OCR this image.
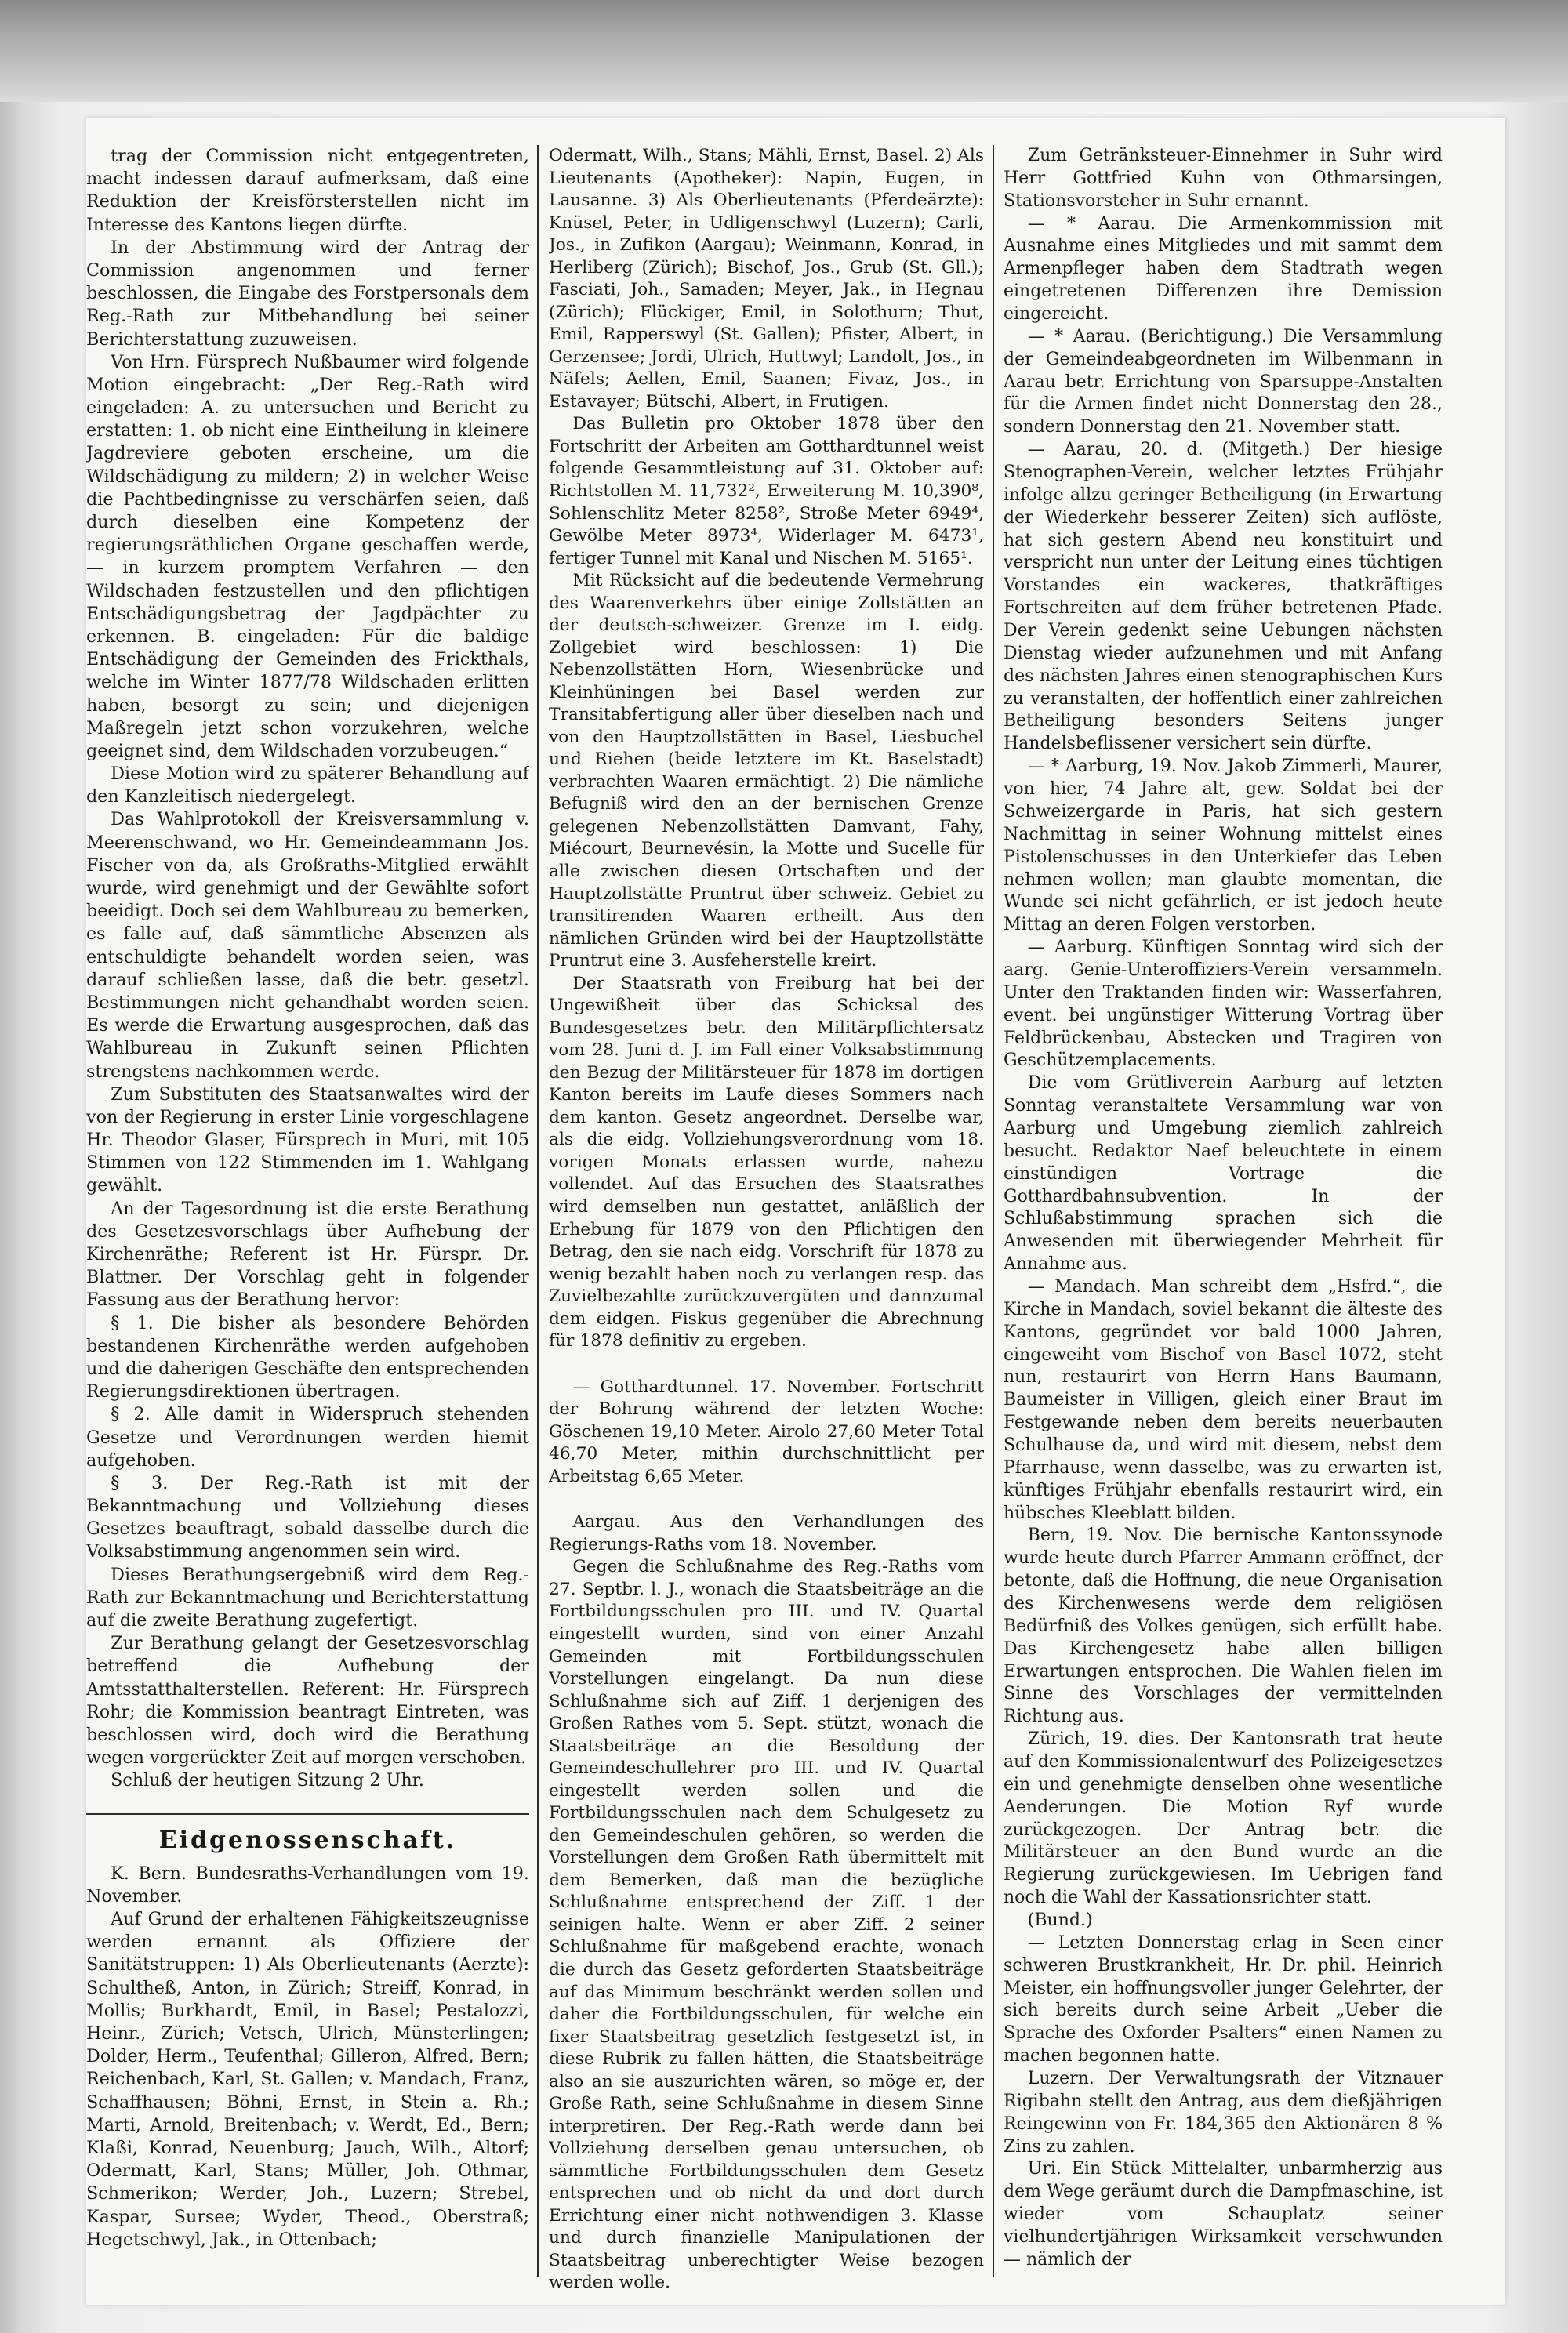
trag der Commission nicht entgegentreten, macht indessen darauf aufmerksam, daß eine Reduktion der Kreisförsterstellen nicht im Interesse des Kantons liegen dürfte.

In der Abstimmung wird der Antrag der Commission angenommen und ferner beschlossen, die Eingabe des Forstpersonals dem Reg.-Rath zur Mitbehandlung bei seiner Berichterstattung zuzuweisen.

Von Hrn. Fürsprech Nußbaumer wird folgende Motion eingebracht: „Der Reg.-Rath wird eingeladen: A. zu untersuchen und Bericht zu erstatten: 1. ob nicht eine Eintheilung in kleinere Jagdreviere geboten erscheine, um die Wildschädigung zu mildern; 2) in welcher Weise die Pachtbedingnisse zu verschärfen seien, daß durch dieselben eine Kompetenz der regierungsräthlichen Organe geschaffen werde, — in kurzem promptem Verfahren — den Wildschaden festzustellen und den pflichtigen Entschädigungsbetrag der Jagdpächter zu erkennen. B. eingeladen: Für die baldige Entschädigung der Gemeinden des Frickthals, welche im Winter 1877/78 Wildschaden erlitten haben, besorgt zu sein; und diejenigen Maßregeln jetzt schon vorzukehren, welche geeignet sind, dem Wildschaden vorzubeugen.“

Diese Motion wird zu späterer Behandlung auf den Kanzleitisch niedergelegt.

Das Wahlprotokoll der Kreisversammlung v. Meerenschwand, wo Hr. Gemeindeammann Jos. Fischer von da, als Großraths-Mitglied erwählt wurde, wird genehmigt und der Gewählte sofort beeidigt. Doch sei dem Wahlbureau zu bemerken, es falle auf, daß sämmtliche Absenzen als entschuldigte behandelt worden seien, was darauf schließen lasse, daß die betr. gesetzl. Bestimmungen nicht gehandhabt worden seien. Es werde die Erwartung ausgesprochen, daß das Wahlbureau in Zukunft seinen Pflichten strengstens nachkommen werde.

Zum Substituten des Staatsanwaltes wird der von der Regierung in erster Linie vorgeschlagene Hr. Theodor Glaser, Fürsprech in Muri, mit 105 Stimmen von 122 Stimmenden im 1. Wahlgang gewählt.

An der Tagesordnung ist die erste Berathung des Gesetzesvorschlags über Aufhebung der Kirchenräthe; Referent ist Hr. Fürspr. Dr. Blattner. Der Vorschlag geht in folgender Fassung aus der Berathung hervor:

§ 1. Die bisher als besondere Behörden bestandenen Kirchenräthe werden aufgehoben und die daherigen Geschäfte den entsprechenden Regierungsdirektionen übertragen.

§ 2. Alle damit in Widerspruch stehenden Gesetze und Verordnungen werden hiemit aufgehoben.

§ 3. Der Reg.-Rath ist mit der Bekanntmachung und Vollziehung dieses Gesetzes beauftragt, sobald dasselbe durch die Volksabstimmung angenommen sein wird.

Dieses Berathungsergebniß wird dem Reg.-Rath zur Bekanntmachung und Berichterstattung auf die zweite Berathung zugefertigt.

Zur Berathung gelangt der Gesetzesvorschlag betreffend die Aufhebung der Amtsstatthalterstellen. Referent: Hr. Fürsprech Rohr; die Kommission beantragt Eintreten, was beschlossen wird, doch wird die Berathung wegen vorgerückter Zeit auf morgen verschoben.

Schluß der heutigen Sitzung 2 Uhr.

Eidgenossenschaft.

K. Bern. Bundesraths-Verhandlungen vom 19. November.

Auf Grund der erhaltenen Fähigkeitszeugnisse werden ernannt als Offiziere der Sanitätstruppen: 1) Als Oberlieutenants (Aerzte): Schultheß, Anton, in Zürich; Streiff, Konrad, in Mollis; Burkhardt, Emil, in Basel; Pestalozzi, Heinr., Zürich; Vetsch, Ulrich, Münsterlingen; Dolder, Herm., Teufenthal; Gilleron, Alfred, Bern; Reichenbach, Karl, St. Gallen; v. Mandach, Franz, Schaffhausen; Böhni, Ernst, in Stein a. Rh.; Marti, Arnold, Breitenbach; v. Werdt, Ed., Bern; Klaßi, Konrad, Neuenburg; Jauch, Wilh., Altorf; Odermatt, Karl, Stans; Müller, Joh. Othmar, Schmerikon; Werder, Joh., Luzern; Strebel, Kaspar, Sursee; Wyder, Theod., Oberstraß; Hegetschwyl, Jak., in Ottenbach;

Odermatt, Wilh., Stans; Mähli, Ernst, Basel. 2) Als Lieutenants (Apotheker): Napin, Eugen, in Lausanne. 3) Als Oberlieutenants (Pferdeärzte): Knüsel, Peter, in Udligenschwyl (Luzern); Carli, Jos., in Zufikon (Aargau); Weinmann, Konrad, in Herliberg (Zürich); Bischof, Jos., Grub (St. Gll.); Fasciati, Joh., Samaden; Meyer, Jak., in Hegnau (Zürich); Flückiger, Emil, in Solothurn; Thut, Emil, Rapperswyl (St. Gallen); Pfister, Albert, in Gerzensee; Jordi, Ulrich, Huttwyl; Landolt, Jos., in Näfels; Aellen, Emil, Saanen; Fivaz, Jos., in Estavayer; Bütschi, Albert, in Frutigen.

Das Bulletin pro Oktober 1878 über den Fortschritt der Arbeiten am Gotthardtunnel weist folgende Gesammtleistung auf 31. Oktober auf: Richtstollen M. 11,732², Erweiterung M. 10,390⁸, Sohlenschlitz Meter 8258², Stroße Meter 6949⁴, Gewölbe Meter 8973⁴, Widerlager M. 6473¹, fertiger Tunnel mit Kanal und Nischen M. 5165¹.

Mit Rücksicht auf die bedeutende Vermehrung des Waarenverkehrs über einige Zollstätten an der deutsch-schweizer. Grenze im I. eidg. Zollgebiet wird beschlossen: 1) Die Nebenzollstätten Horn, Wiesenbrücke und Kleinhüningen bei Basel werden zur Transitabfertigung aller über dieselben nach und von den Hauptzollstätten in Basel, Liesbuchel und Riehen (beide letztere im Kt. Baselstadt) verbrachten Waaren ermächtigt. 2) Die nämliche Befugniß wird den an der bernischen Grenze gelegenen Nebenzollstätten Damvant, Fahy, Miécourt, Beurnevésin, la Motte und Sucelle für alle zwischen diesen Ortschaften und der Hauptzollstätte Pruntrut über schweiz. Gebiet zu transitirenden Waaren ertheilt. Aus den nämlichen Gründen wird bei der Hauptzollstätte Pruntrut eine 3. Ausfeherstelle kreirt.

Der Staatsrath von Freiburg hat bei der Ungewißheit über das Schicksal des Bundesgesetzes betr. den Militärpflichtersatz vom 28. Juni d. J. im Fall einer Volksabstimmung den Bezug der Militärsteuer für 1878 im dortigen Kanton bereits im Laufe dieses Sommers nach dem kanton. Gesetz angeordnet. Derselbe war, als die eidg. Vollziehungsverordnung vom 18. vorigen Monats erlassen wurde, nahezu vollendet. Auf das Ersuchen des Staatsrathes wird demselben nun gestattet, anläßlich der Erhebung für 1879 von den Pflichtigen den Betrag, den sie nach eidg. Vorschrift für 1878 zu wenig bezahlt haben noch zu verlangen resp. das Zuvielbezahlte zurückzuvergüten und dannzumal dem eidgen. Fiskus gegenüber die Abrechnung für 1878 definitiv zu ergeben.

— Gotthardtunnel. 17. November. Fortschritt der Bohrung während der letzten Woche: Göschenen 19,10 Meter. Airolo 27,60 Meter Total 46,70 Meter, mithin durchschnittlicht per Arbeitstag 6,65 Meter.

Aargau. Aus den Verhandlungen des Regierungs-Raths vom 18. November.

Gegen die Schlußnahme des Reg.-Raths vom 27. Septbr. l. J., wonach die Staatsbeiträge an die Fortbildungsschulen pro III. und IV. Quartal eingestellt wurden, sind von einer Anzahl Gemeinden mit Fortbildungsschulen Vorstellungen eingelangt. Da nun diese Schlußnahme sich auf Ziff. 1 derjenigen des Großen Rathes vom 5. Sept. stützt, wonach die Staatsbeiträge an die Besoldung der Gemeindeschullehrer pro III. und IV. Quartal eingestellt werden sollen und die Fortbildungsschulen nach dem Schulgesetz zu den Gemeindeschulen gehören, so werden die Vorstellungen dem Großen Rath übermittelt mit dem Bemerken, daß man die bezügliche Schlußnahme entsprechend der Ziff. 1 der seinigen halte. Wenn er aber Ziff. 2 seiner Schlußnahme für maßgebend erachte, wonach die durch das Gesetz geforderten Staatsbeiträge auf das Minimum beschränkt werden sollen und daher die Fortbildungsschulen, für welche ein fixer Staatsbeitrag gesetzlich festgesetzt ist, in diese Rubrik zu fallen hätten, die Staatsbeiträge also an sie auszurichten wären, so möge er, der Große Rath, seine Schlußnahme in diesem Sinne interpretiren. Der Reg.-Rath werde dann bei Vollziehung derselben genau untersuchen, ob sämmtliche Fortbildungsschulen dem Gesetz entsprechen und ob nicht da und dort durch Errichtung einer nicht nothwendigen 3. Klasse und durch finanzielle Manipulationen der Staatsbeitrag unberechtigter Weise bezogen werden wolle.

Zum Getränksteuer-Einnehmer in Suhr wird Herr Gottfried Kuhn von Othmarsingen, Stationsvorsteher in Suhr ernannt.

— * Aarau. Die Armenkommission mit Ausnahme eines Mitgliedes und mit sammt dem Armenpfleger haben dem Stadtrath wegen eingetretenen Differenzen ihre Demission eingereicht.

— * Aarau. (Berichtigung.) Die Versammlung der Gemeindeabgeordneten im Wilbenmann in Aarau betr. Errichtung von Sparsuppe-Anstalten für die Armen findet nicht Donnerstag den 28., sondern Donnerstag den 21. November statt.

— Aarau, 20. d. (Mitgeth.) Der hiesige Stenographen-Verein, welcher letztes Frühjahr infolge allzu geringer Betheiligung (in Erwartung der Wiederkehr besserer Zeiten) sich auflöste, hat sich gestern Abend neu konstituirt und verspricht nun unter der Leitung eines tüchtigen Vorstandes ein wackeres, thatkräftiges Fortschreiten auf dem früher betretenen Pfade. Der Verein gedenkt seine Uebungen nächsten Dienstag wieder aufzunehmen und mit Anfang des nächsten Jahres einen stenographischen Kurs zu veranstalten, der hoffentlich einer zahlreichen Betheiligung besonders Seitens junger Handelsbeflissener versichert sein dürfte.

— * Aarburg, 19. Nov. Jakob Zimmerli, Maurer, von hier, 74 Jahre alt, gew. Soldat bei der Schweizergarde in Paris, hat sich gestern Nachmittag in seiner Wohnung mittelst eines Pistolenschusses in den Unterkiefer das Leben nehmen wollen; man glaubte momentan, die Wunde sei nicht gefährlich, er ist jedoch heute Mittag an deren Folgen verstorben.

— Aarburg. Künftigen Sonntag wird sich der aarg. Genie-Unteroffiziers-Verein versammeln. Unter den Traktanden finden wir: Wasserfahren, event. bei ungünstiger Witterung Vortrag über Feldbrückenbau, Abstecken und Tragiren von Geschützemplacements.

Die vom Grütliverein Aarburg auf letzten Sonntag veranstaltete Versammlung war von Aarburg und Umgebung ziemlich zahlreich besucht. Redaktor Naef beleuchtete in einem einstündigen Vortrage die Gotthardbahnsubvention. In der Schlußabstimmung sprachen sich die Anwesenden mit überwiegender Mehrheit für Annahme aus.

— Mandach. Man schreibt dem „Hsfrd.“, die Kirche in Mandach, soviel bekannt die älteste des Kantons, gegründet vor bald 1000 Jahren, eingeweiht vom Bischof von Basel 1072, steht nun, restaurirt von Herrn Hans Baumann, Baumeister in Villigen, gleich einer Braut im Festgewande neben dem bereits neuerbauten Schulhause da, und wird mit diesem, nebst dem Pfarrhause, wenn dasselbe, was zu erwarten ist, künftiges Frühjahr ebenfalls restaurirt wird, ein hübsches Kleeblatt bilden.

Bern, 19. Nov. Die bernische Kantonssynode wurde heute durch Pfarrer Ammann eröffnet, der betonte, daß die Hoffnung, die neue Organisation des Kirchenwesens werde dem religiösen Bedürfniß des Volkes genügen, sich erfüllt habe. Das Kirchengesetz habe allen billigen Erwartungen entsprochen. Die Wahlen fielen im Sinne des Vorschlages der vermittelnden Richtung aus.

Zürich, 19. dies. Der Kantonsrath trat heute auf den Kommissionalentwurf des Polizeigesetzes ein und genehmigte denselben ohne wesentliche Aenderungen. Die Motion Ryf wurde zurückgezogen. Der Antrag betr. die Militärsteuer an den Bund wurde an die Regierung zurückgewiesen. Im Uebrigen fand noch die Wahl der Kassationsrichter statt.

(Bund.)

— Letzten Donnerstag erlag in Seen einer schweren Brustkrankheit, Hr. Dr. phil. Heinrich Meister, ein hoffnungsvoller junger Gelehrter, der sich bereits durch seine Arbeit „Ueber die Sprache des Oxforder Psalters“ einen Namen zu machen begonnen hatte.

Luzern. Der Verwaltungsrath der Vitznauer Rigibahn stellt den Antrag, aus dem dießjährigen Reingewinn von Fr. 184,365 den Aktionären 8 % Zins zu zahlen.

Uri. Ein Stück Mittelalter, unbarmherzig aus dem Wege geräumt durch die Dampfmaschine, ist wieder vom Schauplatz seiner vielhundertjährigen Wirksamkeit verschwunden — nämlich der
